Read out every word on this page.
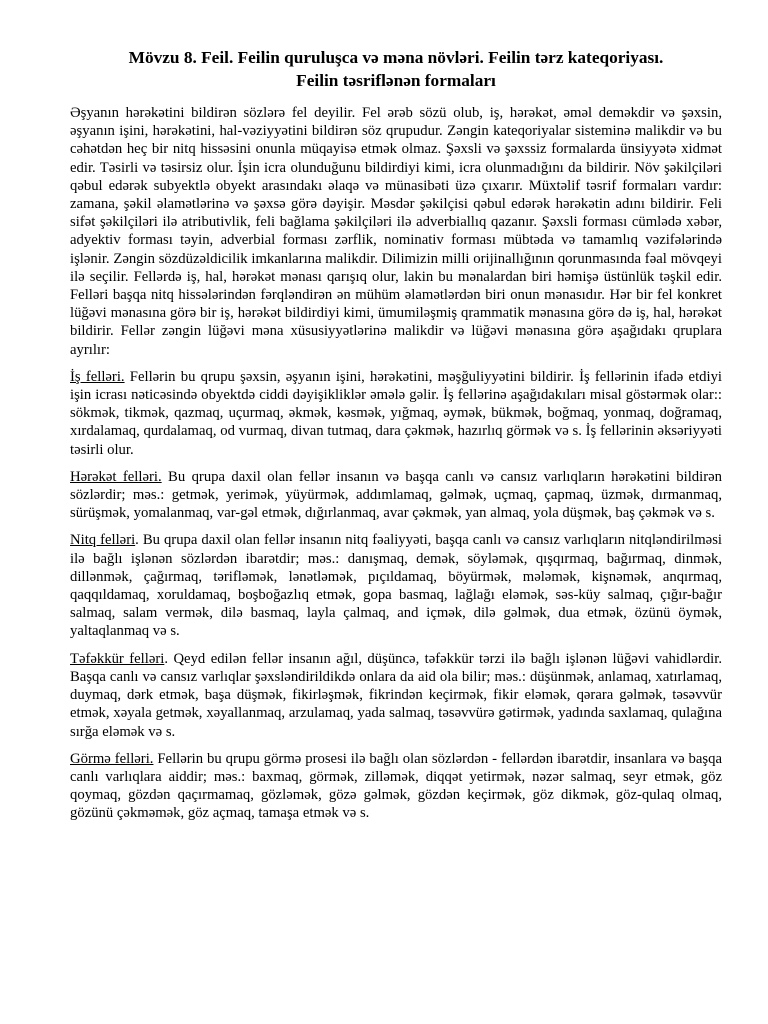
Mövzu 8. Feil. Feilin quruluşca və məna növləri. Feilin tərz kateqoriyası.
Feilin təsriflənən formaları

Əşyanın hərəkətini bildirən sözlərə fel deyilir. Fel ərəb sözü olub, iş, hərəkət, əməl deməkdir və şəxsin, əşyanın işini, hərəkətini, hal-vəziyyətini bildirən söz qrupudur. Zəngin kateqoriyalar sisteminə malikdir və bu cəhətdən heç bir nitq hissəsini onunla müqayisə etmək olmaz. Şəxsli və şəxssiz formalarda ünsiyyətə xidmət edir. Təsirli və təsirsiz olur. İşin icra olunduğunu bildirdiyi kimi, icra olunmadığını da bildirir. Növ şəkilçiləri qəbul edərək subyektlə obyekt arasındakı əlaqə və münasibəti üzə çıxarır. Müxtəlif təsrif formaları vardır: zamana, şəkil əlamətlərinə və şəxsə görə dəyişir. Məsdər şəkilçisi qəbul edərək hərəkətin adını bildirir. Feli sifət şəkilçiləri ilə atributivlik, feli bağlama şəkilçiləri ilə adverbiallıq qazanır. Şəxsli forması cümlədə xəbər, adyektiv forması təyin, adverbial forması zərflik, nominativ forması mübtəda və tamamlıq vəzifələrində işlənir. Zəngin sözdüzəldicilik imkanlarına malikdir. Dilimizin milli orijinallığının qorunmasında fəal mövqeyi ilə seçilir. Fellərdə iş, hal, hərəkət mənası qarışıq olur, lakin bu mənalardan biri həmişə üstünlük təşkil edir. Felləri başqa nitq hissələrindən fərqləndirən ən mühüm əlamətlərdən biri onun mənasıdır. Hər bir fel konkret lüğəvi mənasına görə bir iş, hərəkət bildirdiyi kimi, ümumiləşmiş qrammatik mənasına görə də iş, hal, hərəkət bildirir. Fellər zəngin lüğəvi məna xüsusiyyətlərinə malikdir və lüğəvi mənasına görə aşağıdakı qruplara ayrılır:

İş felləri. Fellərin bu qrupu şəxsin, əşyanın işini, hərəkətini, məşğuliyyətini bildirir. İş fellərinin ifadə etdiyi işin icrası nəticəsində obyektdə ciddi dəyişikliklər əmələ gəlir. İş fellərinə aşağıdakıları misal göstərmək olar:: sökmək, tikmək, qazmaq, uçurmaq, əkmək, kəsmək, yığmaq, əymək, bükmək, boğmaq, yonmaq, doğramaq, xırdalamaq, qurdalamaq, od vurmaq, divan tutmaq, dara çəkmək, hazırlıq görmək və s. İş fellərinin əksəriyyəti təsirli olur.

Hərəkət felləri. Bu qrupa daxil olan fellər insanın və başqa canlı və cansız varlıqların hərəkətini bildirən sözlərdir; məs.: getmək, yerimək, yüyürmək, addımlamaq, gəlmək, uçmaq, çapmaq, üzmək, dırmanmaq, sürüşmək, yomalanmaq, var-gəl etmək, dığırlanmaq, avar çəkmək, yan almaq, yola düşmək, baş çəkmək və s.

Nitq felləri. Bu qrupa daxil olan fellər insanın nitq fəaliyyəti, başqa canlı və cansız varlıqların nitqləndirilməsi ilə bağlı işlənən sözlərdən ibarətdir; məs.: danışmaq, demək, söyləmək, qışqırmaq, bağırmaq, dinmək, dillənmək, çağırmaq, tərifləmək, lənətləmək, pıçıldamaq, böyürmək, mələmək, kişnəmək, anqırmaq, qaqqıldamaq, xoruldamaq, boşboğazlıq etmək, gopa basmaq, lağlağı eləmək, səs-küy salmaq, çığır-bağır salmaq, salam vermək, dilə basmaq, layla çalmaq, and içmək, dilə gəlmək, dua etmək, özünü öymək, yaltaqlanmaq və s.

Təfəkkür felləri. Qeyd edilən fellər insanın ağıl, düşüncə, təfəkkür tərzi ilə bağlı işlənən lüğəvi vahidlərdir. Başqa canlı və cansız varlıqlar şəxsləndirildikdə onlara da aid ola bilir; məs.: düşünmək, anlamaq, xatırlamaq, duymaq, dərk etmək, başa düşmək, fikirləşmək, fikrindən keçirmək, fikir eləmək, qərara gəlmək, təsəvvür etmək, xəyala getmək, xəyallanmaq, arzulamaq, yada salmaq, təsəvvürə gətirmək, yadında saxlamaq, qulağına sırğa eləmək və s.

Görmə felləri. Fellərin bu qrupu görmə prosesi ilə bağlı olan sözlərdən - fellərdən ibarətdir, insanlara və başqa canlı varlıqlara aiddir; məs.: baxmaq, görmək, zilləmək, diqqət yetirmək, nəzər salmaq, seyr etmək, göz qoymaq, gözdən qaçırmamaq, gözləmək, gözə gəlmək, gözdən keçirmək, göz dikmək, göz-qulaq olmaq, gözünü çəkməmək, göz açmaq, tamaşa etmək və s.
